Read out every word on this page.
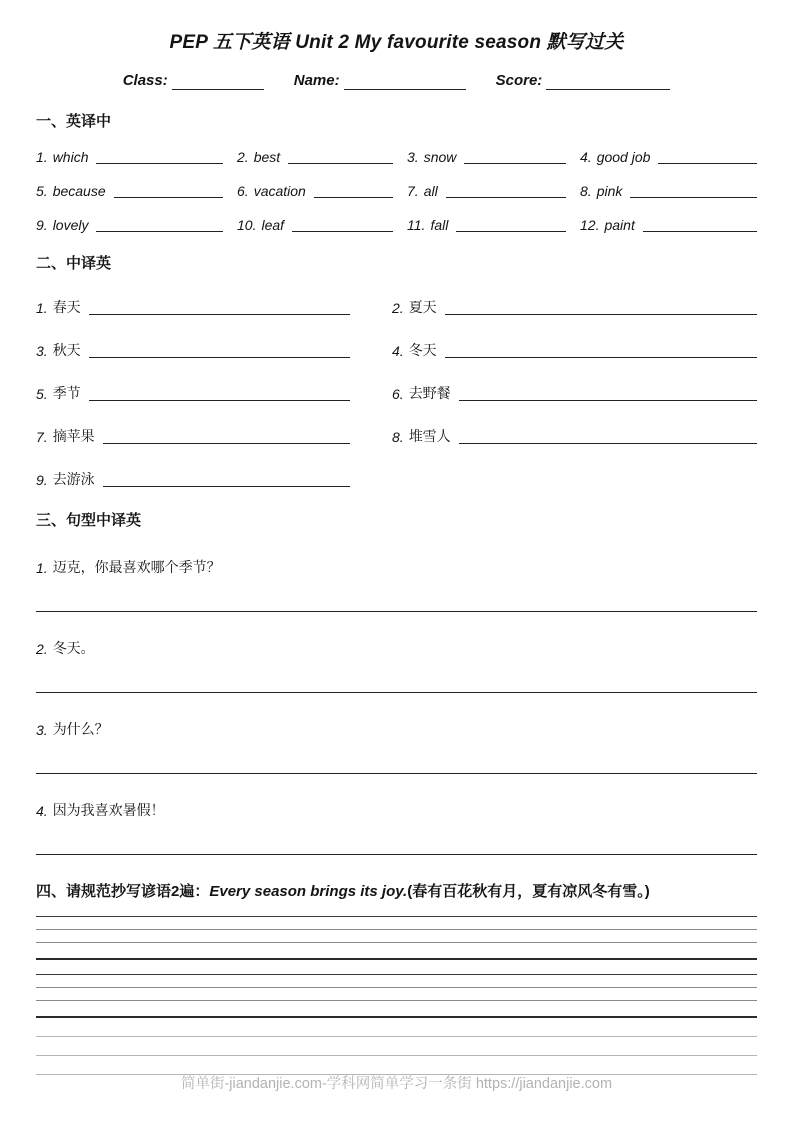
PEP 五下英语 Unit 2 My favourite season 默写过关
Class:	Name:	Score:
一、英译中
1. which	2. best	3. snow	4. good job
5. because	6. vacation	7. all	8. pink
9. lovely	10. leaf	11. fall	12. paint
二、中译英
1. 春天	2. 夏天
3. 秋天	4. 冬天
5. 季节	6. 去野餐
7. 摘苹果	8. 堆雪人
9. 去游泳
三、句型中译英
1. 迈克，你最喜欢哪个季节？
2. 冬天。
3. 为什么？
4. 因为我喜欢暑假！
四、请规范抄写谚语2遍：Every season brings its joy.(春有百花秋有月，夏有凉风冬有雪。)
简单街-jiandanjie.com-学科网简单学习一条街 https://jiandanjie.com
